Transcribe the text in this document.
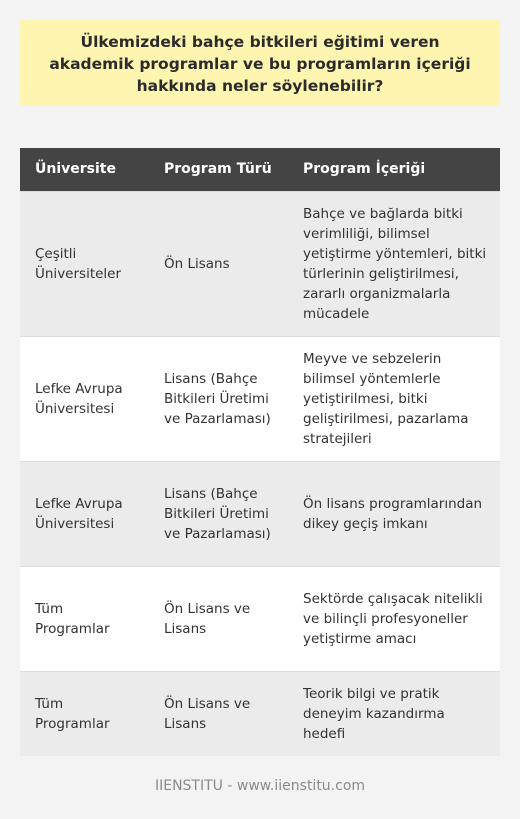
Ülkemizdeki bahçe bitkileri eğitimi veren akademik programlar ve bu programların içeriği hakkında neler söylenebilir?

Üniversite	Program Türü	Program İçeriği
Çeşitli Üniversiteler	Ön Lisans	Bahçe ve bağlarda bitki verimliliği, bilimsel yetiştirme yöntemleri, bitki türlerinin geliştirilmesi, zararlı organizmalarla mücadele
Lefke Avrupa Üniversitesi	Lisans (Bahçe Bitkileri Üretimi ve Pazarlaması)	Meyve ve sebzelerin bilimsel yöntemlerle yetiştirilmesi, bitki geliştirilmesi, pazarlama stratejileri
Lefke Avrupa Üniversitesi	Lisans (Bahçe Bitkileri Üretimi ve Pazarlaması)	Ön lisans programlarından dikey geçiş imkanı
Tüm Programlar	Ön Lisans ve Lisans	Sektörde çalışacak nitelikli ve bilinçli profesyoneller yetiştirme amacı
Tüm Programlar	Ön Lisans ve Lisans	Teorik bilgi ve pratik deneyim kazandırma hedefi
IIENSTITU - www.iienstitu.com
